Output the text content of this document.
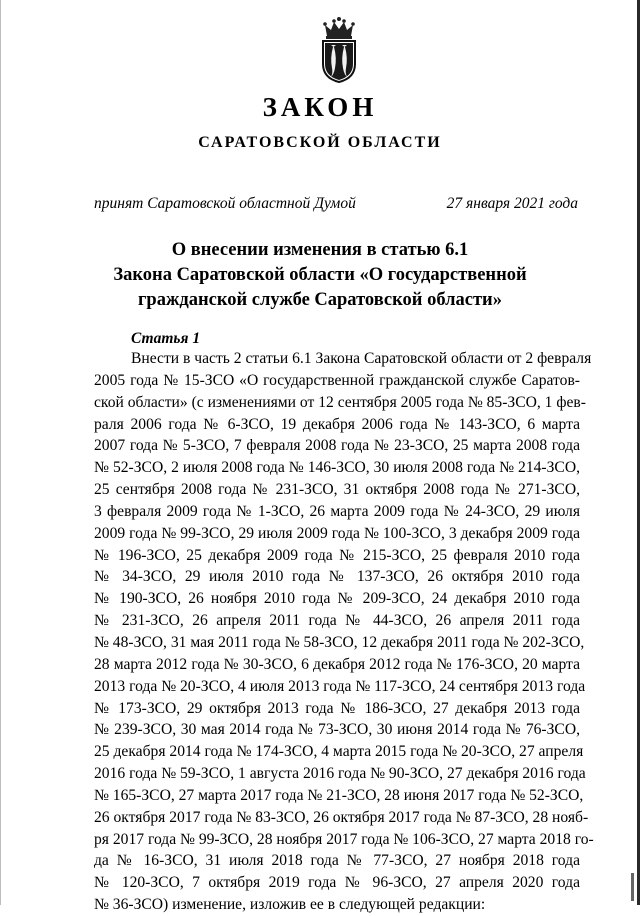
ЗАКОН
САРАТОВСКОЙ ОБЛАСТИ
принят Саратовской областной Думой	27 января 2021 года
О внесении изменения в статью 6.1
Закона Саратовской области «О государственной
гражданской службе Саратовской области»
Статья 1
Внести в часть 2 статьи 6.1 Закона Саратовской области от 2 февраля
2005 года № 15-ЗСО «О государственной гражданской службе Саратов-
ской области» (с изменениями от 12 сентября 2005 года № 85-ЗСО, 1 фев-
раля 2006 года № 6-ЗСО, 19 декабря 2006 года № 143-ЗСО, 6 марта
2007 года № 5-ЗСО, 7 февраля 2008 года № 23-ЗСО, 25 марта 2008 года
№ 52-ЗСО, 2 июля 2008 года № 146-ЗСО, 30 июля 2008 года № 214-ЗСО,
25 сентября 2008 года № 231-ЗСО, 31 октября 2008 года № 271-ЗСО,
3 февраля 2009 года № 1-ЗСО, 26 марта 2009 года № 24-ЗСО, 29 июля
2009 года № 99-ЗСО, 29 июля 2009 года № 100-ЗСО, 3 декабря 2009 года
№ 196-ЗСО, 25 декабря 2009 года № 215-ЗСО, 25 февраля 2010 года
№ 34-ЗСО, 29 июля 2010 года № 137-ЗСО, 26 октября 2010 года
№ 190-ЗСО, 26 ноября 2010 года № 209-ЗСО, 24 декабря 2010 года
№ 231-ЗСО, 26 апреля 2011 года № 44-ЗСО, 26 апреля 2011 года
№ 48-ЗСО, 31 мая 2011 года № 58-ЗСО, 12 декабря 2011 года № 202-ЗСО,
28 марта 2012 года № 30-ЗСО, 6 декабря 2012 года № 176-ЗСО, 20 марта
2013 года № 20-ЗСО, 4 июля 2013 года № 117-ЗСО, 24 сентября 2013 года
№ 173-ЗСО, 29 октября 2013 года № 186-ЗСО, 27 декабря 2013 года
№ 239-ЗСО, 30 мая 2014 года № 73-ЗСО, 30 июня 2014 года № 76-ЗСО,
25 декабря 2014 года № 174-ЗСО, 4 марта 2015 года № 20-ЗСО, 27 апреля
2016 года № 59-ЗСО, 1 августа 2016 года № 90-ЗСО, 27 декабря 2016 года
№ 165-ЗСО, 27 марта 2017 года № 21-ЗСО, 28 июня 2017 года № 52-ЗСО,
26 октября 2017 года № 83-ЗСО, 26 октября 2017 года № 87-ЗСО, 28 нояб-
ря 2017 года № 99-ЗСО, 28 ноября 2017 года № 106-ЗСО, 27 марта 2018 го-
да № 16-ЗСО, 31 июля 2018 года № 77-ЗСО, 27 ноября 2018 года
№ 120-ЗСО, 7 октября 2019 года № 96-ЗСО, 27 апреля 2020 года
№ 36-ЗСО) изменение, изложив ее в следующей редакции:
